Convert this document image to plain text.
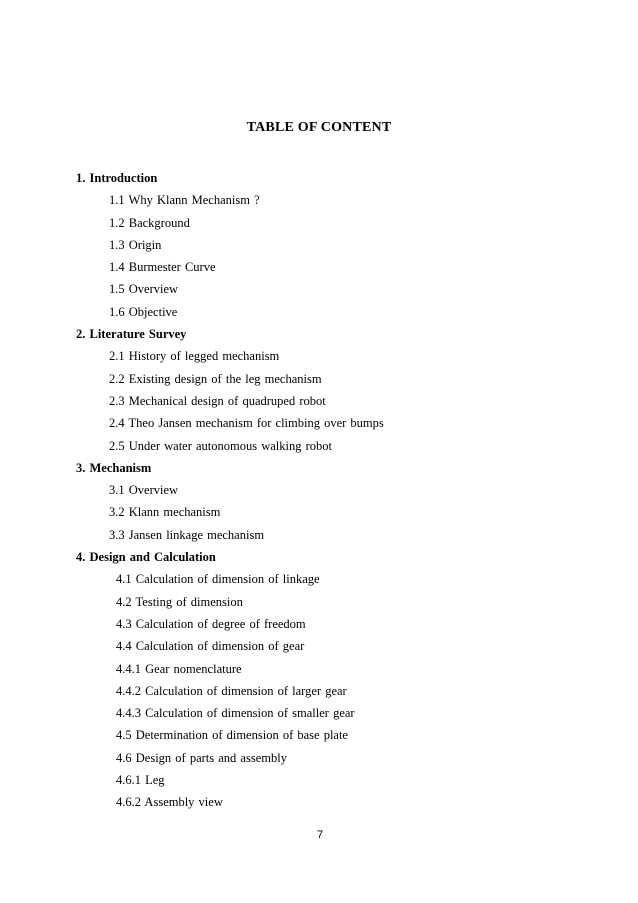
TABLE OF CONTENT
1. Introduction
1.1 Why Klann Mechanism ?
1.2 Background
1.3 Origin
1.4 Burmester Curve
1.5 Overview
1.6 Objective
2. Literature Survey
2.1 History of legged mechanism
2.2 Existing design of the leg mechanism
2.3 Mechanical design of quadruped robot
2.4 Theo Jansen mechanism for climbing over bumps
2.5 Under water autonomous walking robot
3. Mechanism
3.1 Overview
3.2 Klann mechanism
3.3 Jansen linkage mechanism
4. Design and Calculation
4.1 Calculation of dimension of linkage
4.2 Testing of dimension
4.3 Calculation of degree of freedom
4.4 Calculation of dimension of gear
4.4.1 Gear nomenclature
4.4.2 Calculation of dimension of larger gear
4.4.3 Calculation of dimension of smaller gear
4.5 Determination of dimension of base plate
4.6 Design of parts and assembly
4.6.1 Leg
4.6.2 Assembly view
7
